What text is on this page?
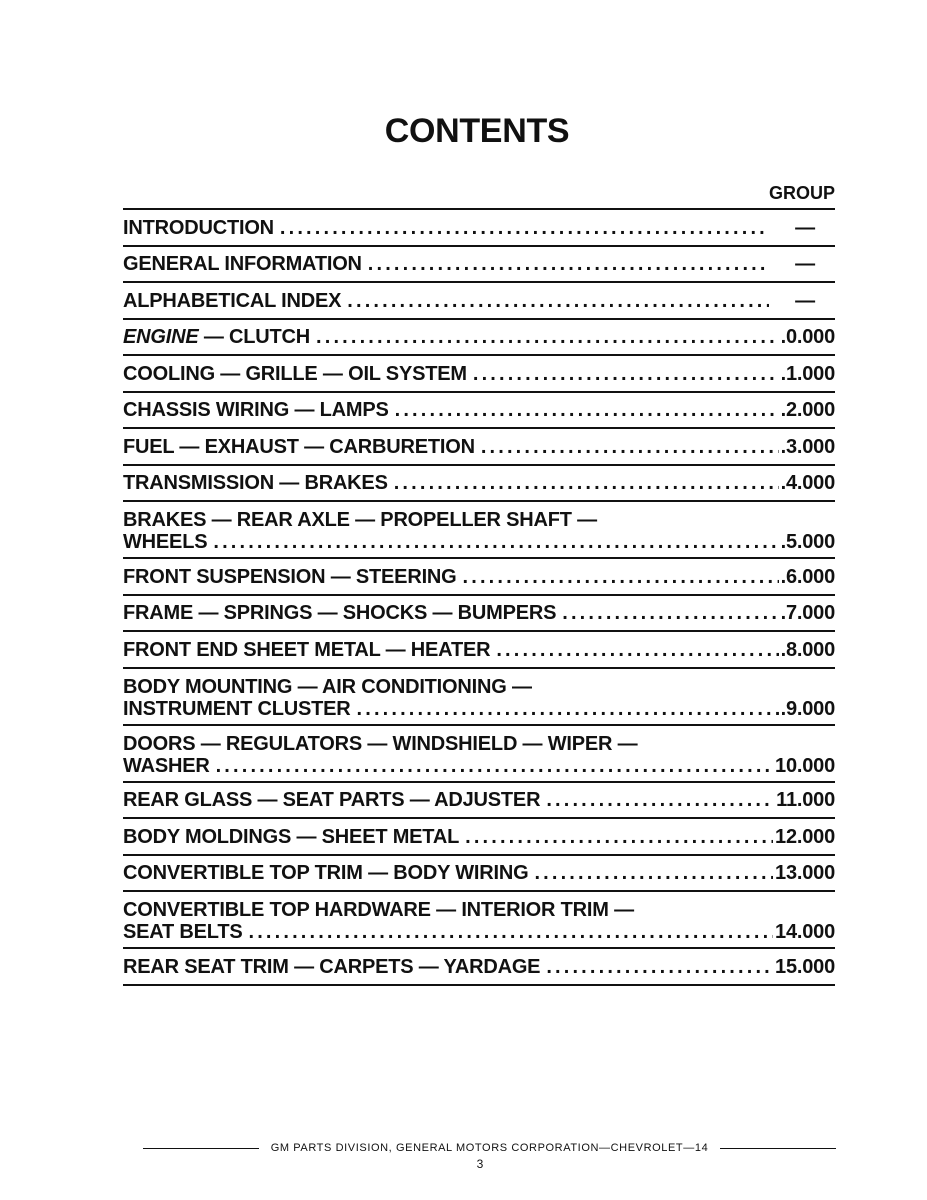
CONTENTS
GROUP
INTRODUCTION . . .	—
GENERAL INFORMATION . . .	—
ALPHABETICAL INDEX . . .	—
ENGINE — CLUTCH . . .	.0.000
COOLING — GRILLE — OIL SYSTEM . . .	.1.000
CHASSIS WIRING — LAMPS . . .	.2.000
FUEL — EXHAUST — CARBURETION . . .	.3.000
TRANSMISSION — BRAKES . . .	.4.000
BRAKES — REAR AXLE — PROPELLER SHAFT —
WHEELS . . .	.5.000
FRONT SUSPENSION — STEERING . . .	.6.000
FRAME — SPRINGS — SHOCKS — BUMPERS . . .	.7.000
FRONT END SHEET METAL — HEATER . . .	.8.000
BODY MOUNTING — AIR CONDITIONING —
INSTRUMENT CLUSTER . . .	.9.000
DOORS — REGULATORS — WINDSHIELD — WIPER —
WASHER . . .	10.000
REAR GLASS — SEAT PARTS — ADJUSTER . . .	11.000
BODY MOLDINGS — SHEET METAL . . .	12.000
CONVERTIBLE TOP TRIM — BODY WIRING . . .	13.000
CONVERTIBLE TOP HARDWARE — INTERIOR TRIM —
SEAT BELTS . . .	14.000
REAR SEAT TRIM — CARPETS — YARDAGE . . .	15.000
GM PARTS DIVISION, GENERAL MOTORS CORPORATION—CHEVROLET—14
3
